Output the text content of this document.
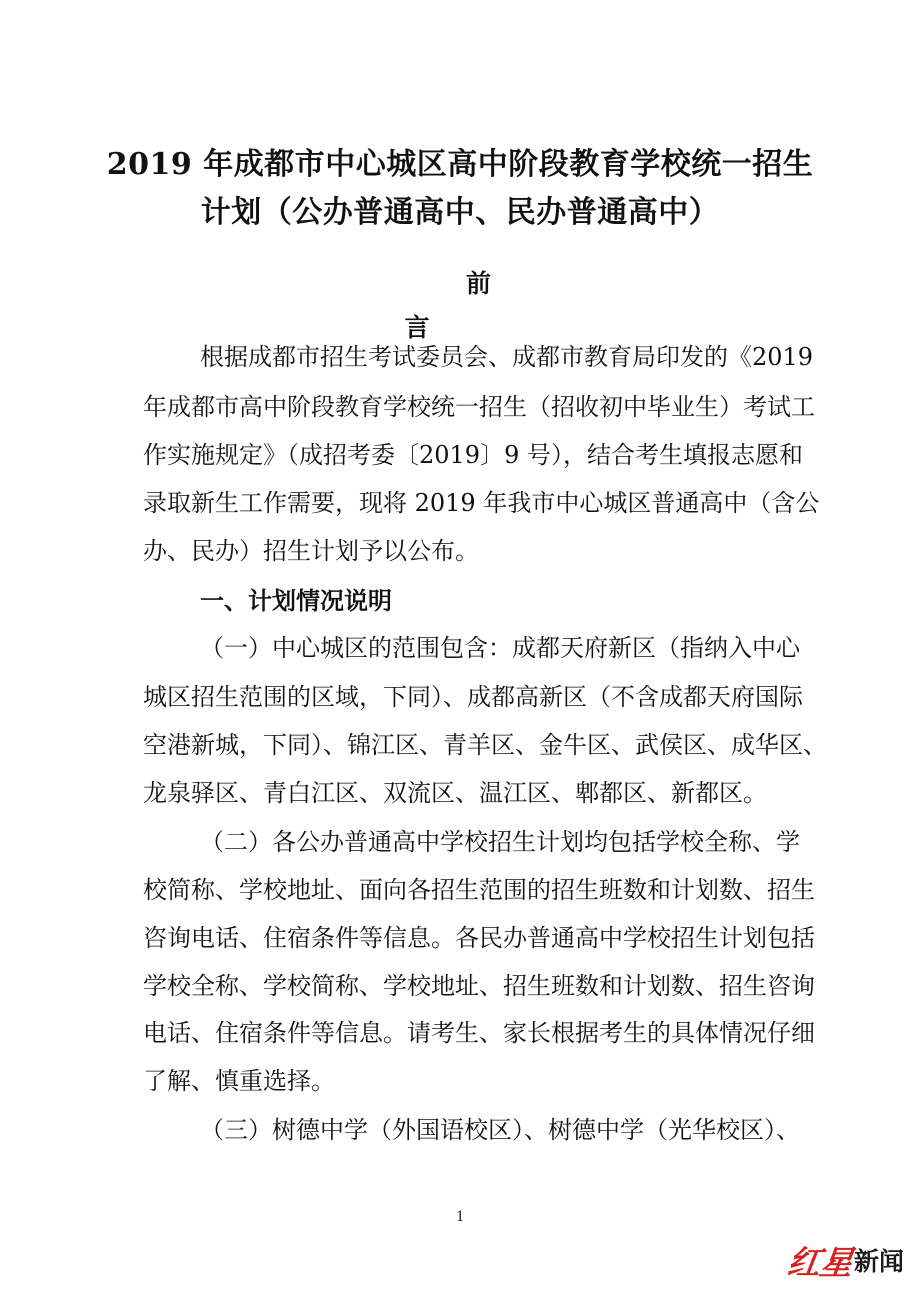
2019 年成都市中心城区高中阶段教育学校统一招生
计划（公办普通高中、民办普通高中）
前言

根据成都市招生考试委员会、成都市教育局印发的《2019

年成都市高中阶段教育学校统一招生（招收初中毕业生）考试工

作实施规定》（成招考委〔2019〕9 号），结合考生填报志愿和

录取新生工作需要，现将 2019 年我市中心城区普通高中（含公

办、民办）招生计划予以公布。

一、计划情况说明

（一）中心城区的范围包含：成都天府新区（指纳入中心

城区招生范围的区域，下同）、成都高新区（不含成都天府国际

空港新城，下同）、锦江区、青羊区、金牛区、武侯区、成华区、

龙泉驿区、青白江区、双流区、温江区、郫都区、新都区。

（二）各公办普通高中学校招生计划均包括学校全称、学

校简称、学校地址、面向各招生范围的招生班数和计划数、招生

咨询电话、住宿条件等信息。各民办普通高中学校招生计划包括

学校全称、学校简称、学校地址、招生班数和计划数、招生咨询

电话、住宿条件等信息。请考生、家长根据考生的具体情况仔细

了解、慎重选择。

（三）树德中学（外国语校区）、树德中学（光华校区）、

1
红星 新闻
